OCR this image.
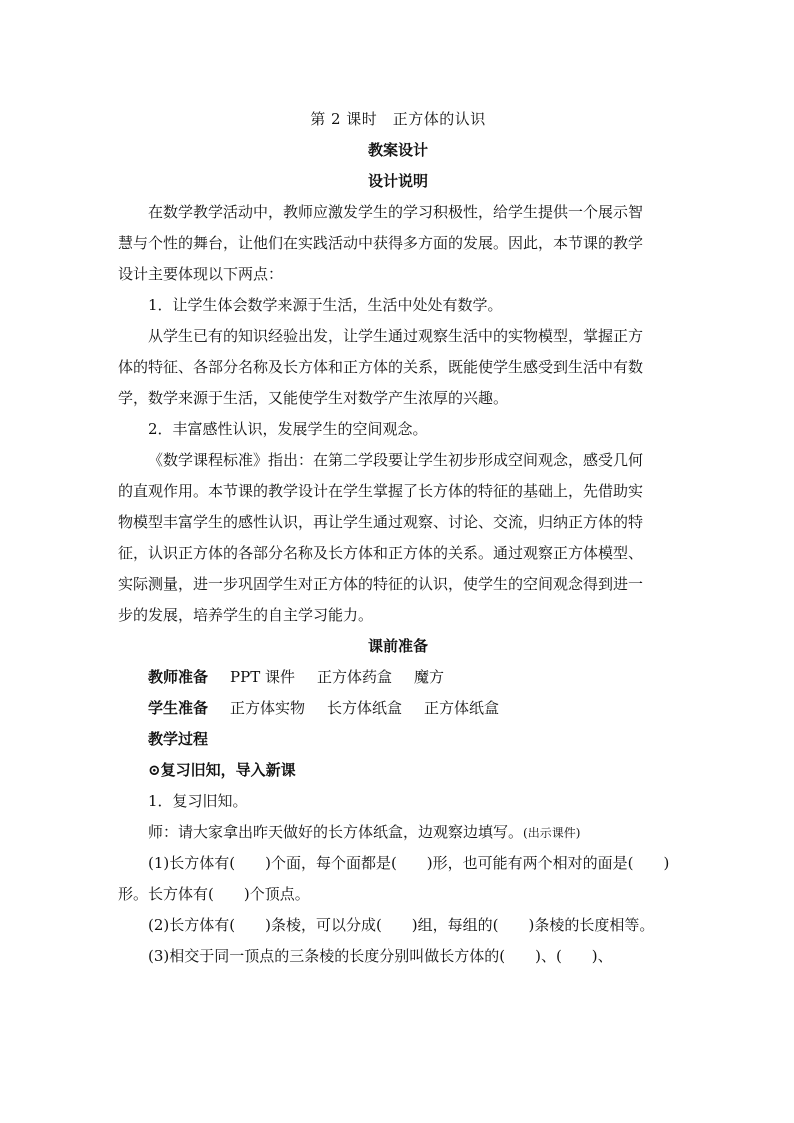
第 2 课时　正方体的认识
教案设计
设计说明
在数学教学活动中，教师应激发学生的学习积极性，给学生提供一个展示智
慧与个性的舞台，让他们在实践活动中获得多方面的发展。因此，本节课的教学
设计主要体现以下两点：
1．让学生体会数学来源于生活，生活中处处有数学。
从学生已有的知识经验出发，让学生通过观察生活中的实物模型，掌握正方
体的特征、各部分名称及长方体和正方体的关系，既能使学生感受到生活中有数
学，数学来源于生活，又能使学生对数学产生浓厚的兴趣。
2．丰富感性认识，发展学生的空间观念。
《数学课程标准》指出：在第二学段要让学生初步形成空间观念，感受几何
的直观作用。本节课的教学设计在学生掌握了长方体的特征的基础上，先借助实
物模型丰富学生的感性认识，再让学生通过观察、讨论、交流，归纳正方体的特
征，认识正方体的各部分名称及长方体和正方体的关系。通过观察正方体模型、
实际测量，进一步巩固学生对正方体的特征的认识，使学生的空间观念得到进一
步的发展，培养学生的自主学习能力。
课前准备
教师准备 PPT 课件 正方体药盒 魔方
学生准备 正方体实物 长方体纸盒 正方体纸盒
教学过程
⊙复习旧知，导入新课
1．复习旧知。
师：请大家拿出昨天做好的长方体纸盒，边观察边填写。(出示课件)
(1)长方体有(　　)个面，每个面都是(　　)形，也可能有两个相对的面是(　　)
形。长方体有(　　)个顶点。
(2)长方体有(　　)条棱，可以分成(　　)组，每组的(　　)条棱的长度相等。
(3)相交于同一顶点的三条棱的长度分别叫做长方体的(　　)、(　　)、
